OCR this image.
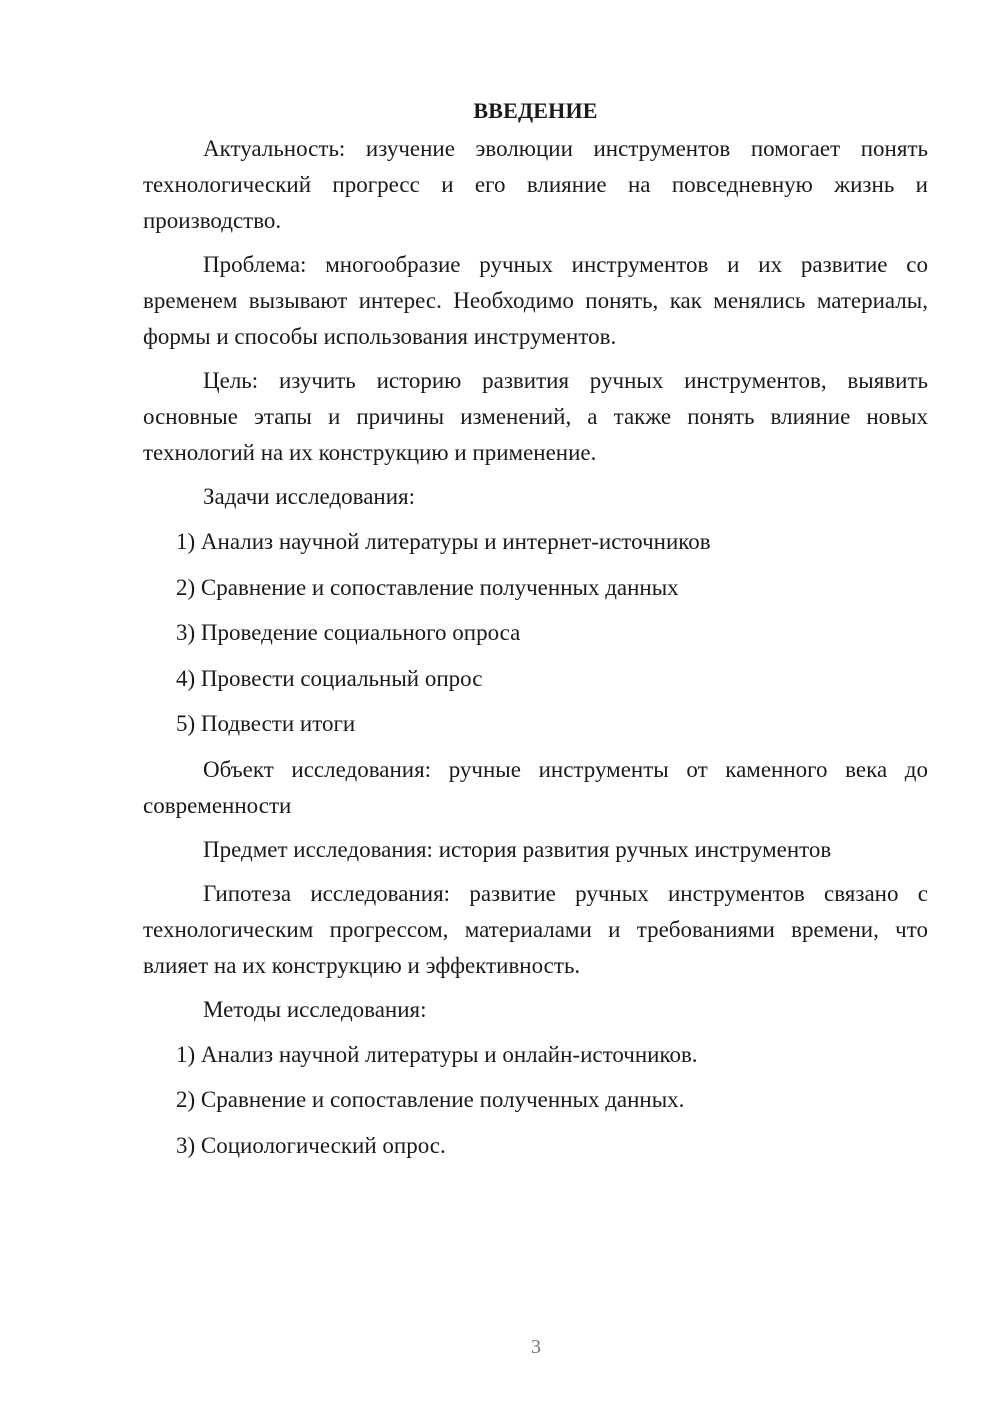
ВВЕДЕНИЕ

Актуальность: изучение эволюции инструментов помогает понять технологический прогресс и его влияние на повседневную жизнь и производство.

Проблема: многообразие ручных инструментов и их развитие со временем вызывают интерес. Необходимо понять, как менялись материалы, формы и способы использования инструментов.

Цель: изучить историю развития ручных инструментов, выявить основные этапы и причины изменений, а также понять влияние новых технологий на их конструкцию и применение.

Задачи исследования:

1) Анализ научной литературы и интернет-источников
2) Сравнение и сопоставление полученных данных
3) Проведение социального опроса
4) Провести социальный опрос
5) Подвести итоги

Объект исследования: ручные инструменты от каменного века до современности

Предмет исследования: история развития ручных инструментов

Гипотеза исследования: развитие ручных инструментов связано с технологическим прогрессом, материалами и требованиями времени, что влияет на их конструкцию и эффективность.

Методы исследования:

1) Анализ научной литературы и онлайн-источников.
2) Сравнение и сопоставление полученных данных.
3) Социологический опрос.
3
